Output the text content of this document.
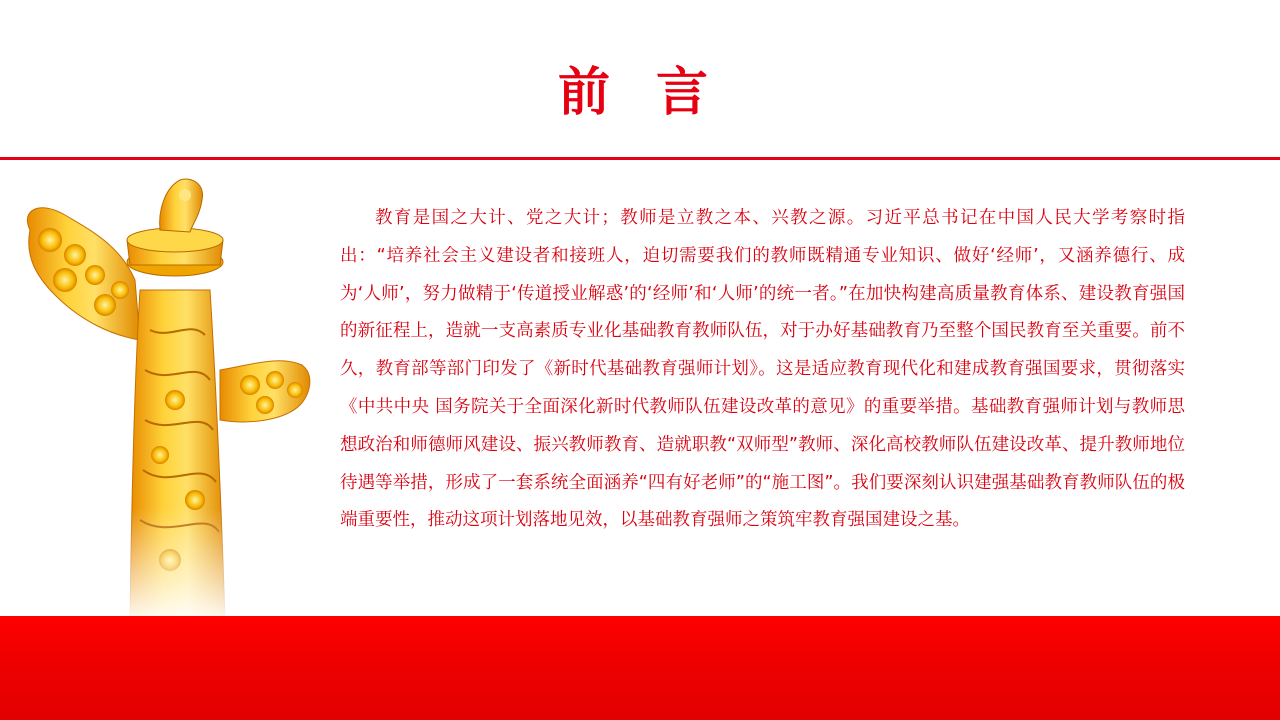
前 言

教育是国之大计、党之大计；教师是立教之本、兴教之源。习近平总书记在中国人民大学考察时指出：“培养社会主义建设者和接班人，迫切需要我们的教师既精通专业知识、做好‘经师’，又涵养德行、成为‘人师’，努力做精于‘传道授业解惑’的‘经师’和‘人师’的统一者。”在加快构建高质量教育体系、建设教育强国的新征程上，造就一支高素质专业化基础教育教师队伍，对于办好基础教育乃至整个国民教育至关重要。前不久，教育部等部门印发了《新时代基础教育强师计划》。这是适应教育现代化和建成教育强国要求，贯彻落实《中共中央 国务院关于全面深化新时代教师队伍建设改革的意见》的重要举措。基础教育强师计划与教师思想政治和师德师风建设、振兴教师教育、造就职教“双师型”教师、深化高校教师队伍建设改革、提升教师地位待遇等举措，形成了一套系统全面涵养“四有好老师”的“施工图”。我们要深刻认识建强基础教育教师队伍的极端重要性，推动这项计划落地见效，以基础教育强师之策筑牢教育强国建设之基。
